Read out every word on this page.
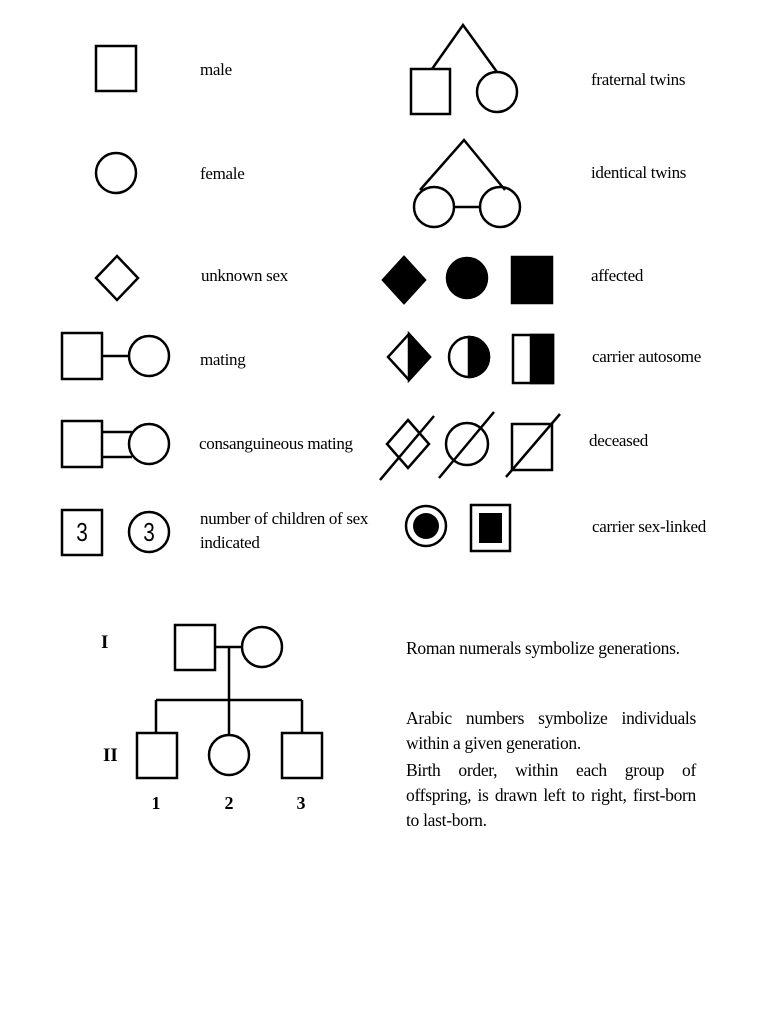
3	3
male
female
unknown sex
mating
consanguineous mating
number of children of sex indicated
fraternal twins
identical twins
affected
carrier autosome
deceased
carrier sex-linked
I
II
1	2	3
Roman numerals symbolize generations.
Arabic numbers symbolize individuals within a given generation.
Birth order, within each group of offspring, is drawn left to right, first-born to last-born.
